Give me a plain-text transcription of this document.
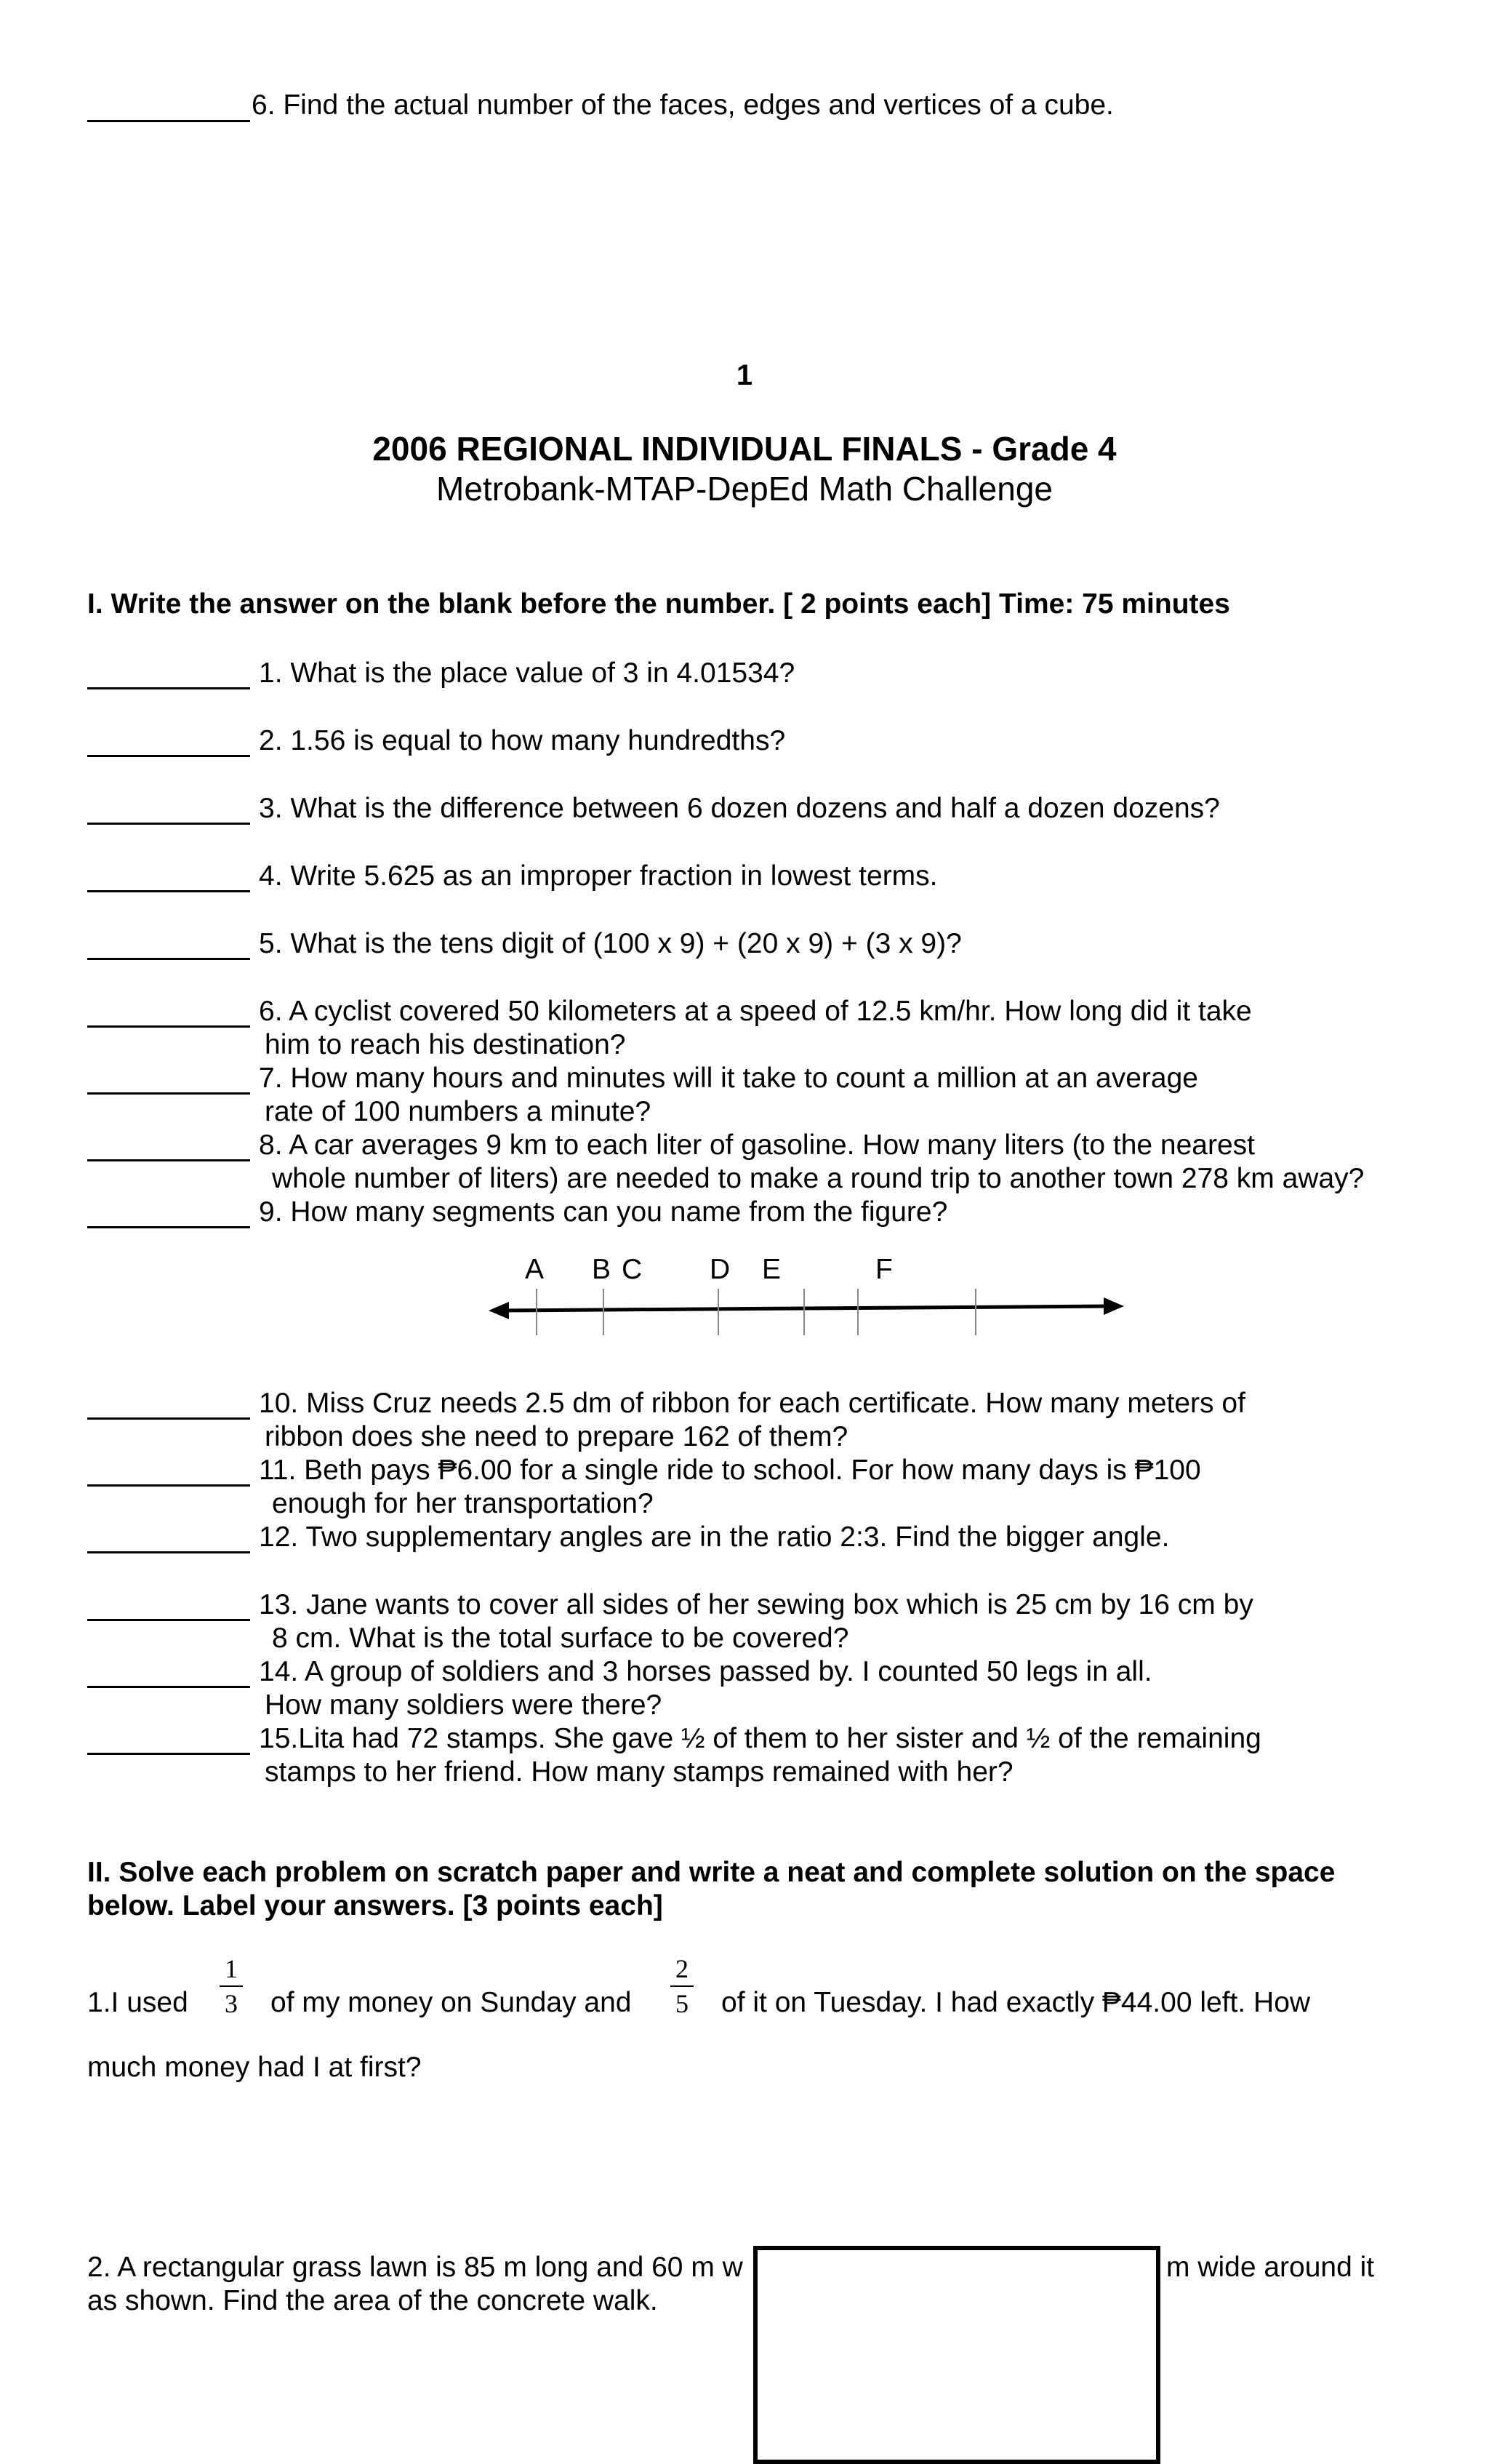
6. Find the actual number of the faces, edges and vertices of a cube.
1
2006 REGIONAL INDIVIDUAL FINALS - Grade 4
Metrobank-MTAP-DepEd Math Challenge
I. Write the answer on the blank before the number. [ 2 points each] Time: 75 minutes
1. What is the place value of 3 in 4.01534?
2. 1.56 is equal to how many hundredths?
3. What is the difference between 6 dozen dozens and half a dozen dozens?
4. Write 5.625 as an improper fraction in lowest terms.
5. What is the tens digit of (100 x 9) + (20 x 9) + (3 x 9)?
6. A cyclist covered 50 kilometers at a speed of 12.5 km/hr. How long did it take
him to reach his destination?
7. How many hours and minutes will it take to count a million at an average
rate of 100 numbers a minute?
8. A car averages 9 km to each liter of gasoline. How many liters (to the nearest
whole number of liters) are needed to make a round trip to another town 278 km away?
9. How many segments can you name from the figure?
A B C D E	F
10. Miss Cruz needs 2.5 dm of ribbon for each certificate. How many meters of
ribbon does she need to prepare 162 of them?
11. Beth pays ₱6.00 for a single ride to school. For how many days is ₱100
enough for her transportation?
12. Two supplementary angles are in the ratio 2:3. Find the bigger angle.
13. Jane wants to cover all sides of her sewing box which is 25 cm by 16 cm by
8 cm. What is the total surface to be covered?
14. A group of soldiers and 3 horses passed by. I counted 50 legs in all.
How many soldiers were there?
15.Lita had 72 stamps. She gave ½ of them to her sister and ½ of the remaining
stamps to her friend. How many stamps remained with her?
II. Solve each problem on scratch paper and write a neat and complete solution on the space
below. Label your answers. [3 points each]
1.I used
1
3 of my money on Sunday and
2
5 of it on Tuesday. I had exactly ₱44.00 left. How
much money had I at first?
2. A rectangular grass lawn is 85 m long and 60 m w	m wide around it
as shown. Find the area of the concrete walk.
